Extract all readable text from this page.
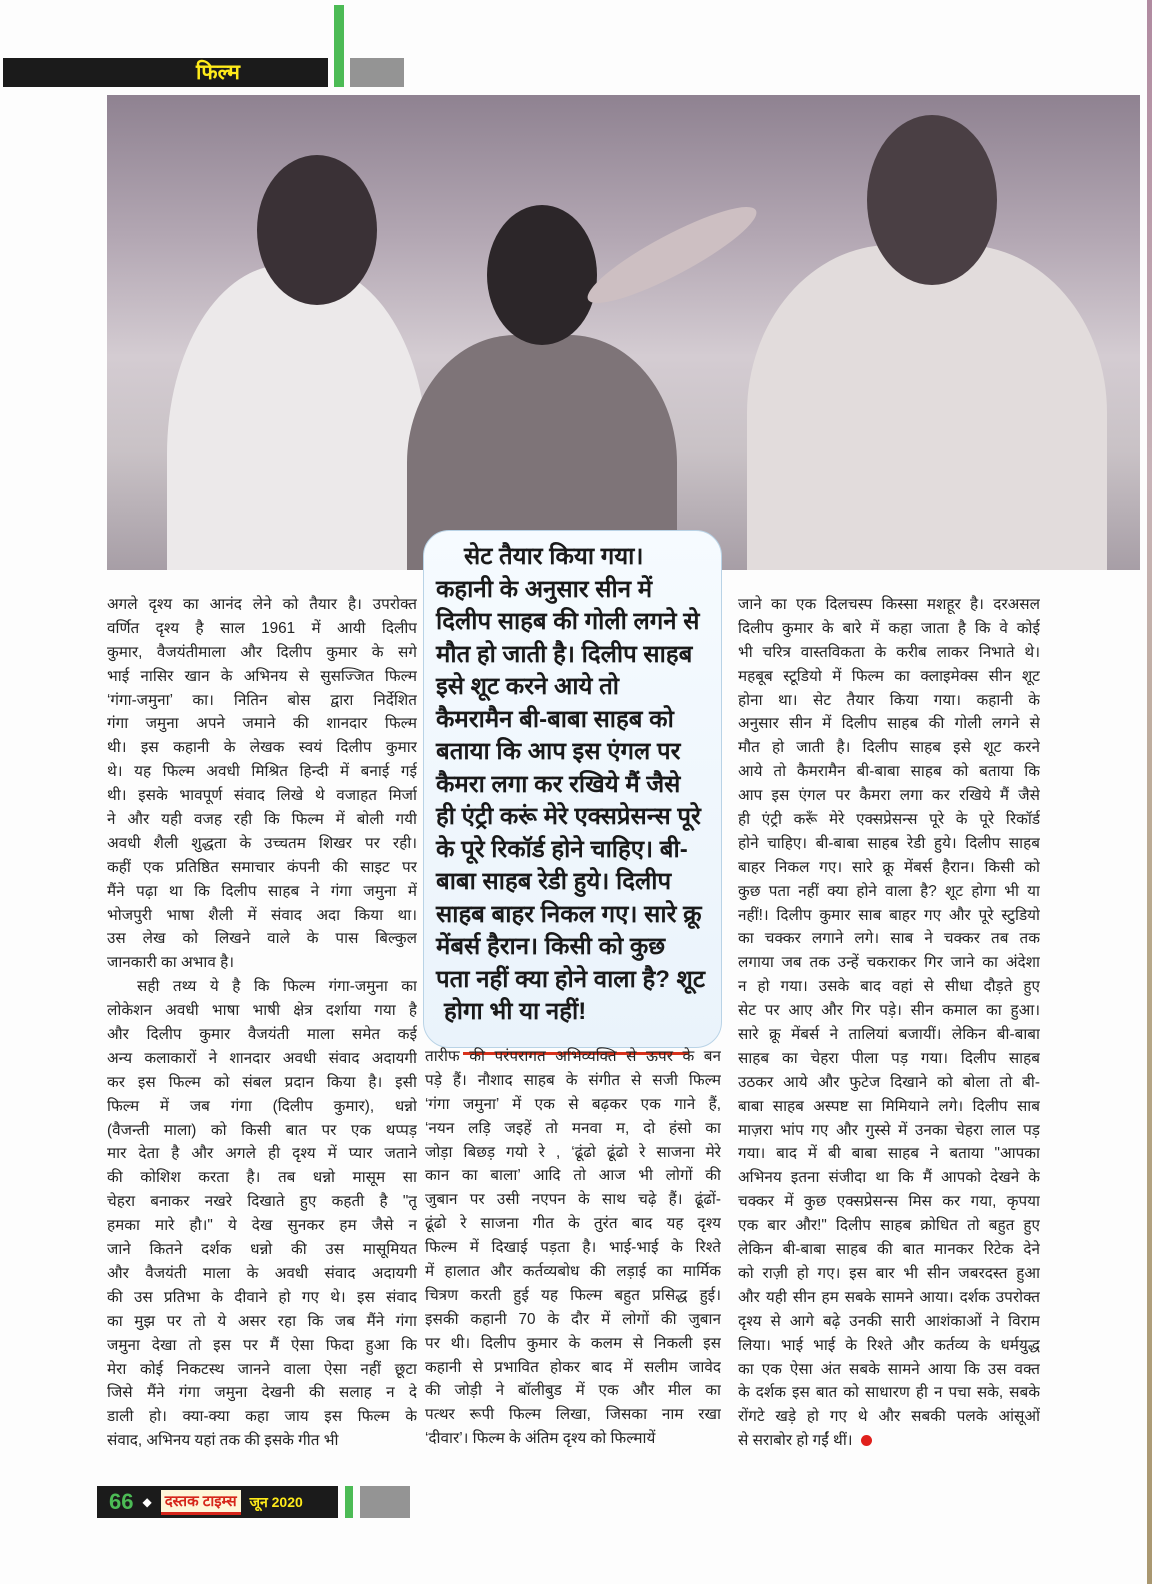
फिल्म
अगले दृश्य का आनंद लेने को तैयार है। उपरोक्त
वर्णित दृश्य है साल 1961 में आयी दिलीप
कुमार, वैजयंतीमाला और दिलीप कुमार के सगे
भाई नासिर खान के अभिनय से सुसज्जित फिल्म
‘गंगा-जमुना’ का। नितिन बोस द्वारा निर्देशित
गंगा जमुना अपने जमाने की शानदार फिल्म
थी। इस कहानी के लेखक स्वयं दिलीप कुमार
थे। यह फिल्म अवधी मिश्रित हिन्दी में बनाई गई
थी। इसके भावपूर्ण संवाद लिखे थे वजाहत मिर्जा
ने और यही वजह रही कि फिल्म में बोली गयी
अवधी शैली शुद्धता के उच्चतम शिखर पर रही।
कहीं एक प्रतिष्ठित समाचार कंपनी की साइट पर
मैंने पढ़ा था कि दिलीप साहब ने गंगा जमुना में
भोजपुरी भाषा शैली में संवाद अदा किया था।
उस लेख को लिखने वाले के पास बिल्कुल
जानकारी का अभाव है।
सही तथ्य ये है कि फिल्म गंगा-जमुना का
लोकेशन अवधी भाषा भाषी क्षेत्र दर्शाया गया है
और दिलीप कुमार वैजयंती माला समेत कई
अन्य कलाकारों ने शानदार अवधी संवाद अदायगी
कर इस फिल्म को संबल प्रदान किया है। इसी
फिल्म में जब गंगा (दिलीप कुमार), धन्नो
(वैजन्ती माला) को किसी बात पर एक थप्पड़
मार देता है और अगले ही दृश्य में प्यार जताने
की कोशिश करता है। तब धन्नो मासूम सा
चेहरा बनाकर नखरे दिखाते हुए कहती है "तू
हमका मारे हौ।" ये देख सुनकर हम जैसे न
जाने कितने दर्शक धन्नो की उस मासूमियत
और वैजयंती माला के अवधी संवाद अदायगी
की उस प्रतिभा के दीवाने हो गए थे। इस संवाद
का मुझ पर तो ये असर रहा कि जब मैंने गंगा
जमुना देखा तो इस पर मैं ऐसा फिदा हुआ कि
मेरा कोई निकटस्थ जानने वाला ऐसा नहीं छूटा
जिसे मैंने गंगा जमुना देखनी की सलाह न दे
डाली हो। क्या-क्या कहा जाय इस फिल्म के
संवाद, अभिनय यहां तक की इसके गीत भी
सेट तैयार किया गया।
कहानी के अनुसार सीन में
दिलीप साहब की गोली लगने से
मौत हो जाती है। दिलीप साहब
इसे शूट करने आये तो
कैमरामैन बी-बाबा साहब को
बताया कि आप इस एंगल पर
कैमरा लगा कर रखिये मैं जैसे
ही एंट्री करूं मेरे एक्सप्रेसन्स पूरे
के पूरे रिकॉर्ड होने चाहिए। बी-
बाबा साहब रेडी हुये। दिलीप
साहब बाहर निकल गए। सारे क्रू
मेंबर्स हैरान। किसी को कुछ
पता नहीं क्या होने वाला है? शूट
होगा भी या नहीं!
तारीफ की परंपरागत अभिव्यक्ति से ऊपर के बन
पड़े हैं। नौशाद साहब के संगीत से सजी फिल्म
‘गंगा जमुना’ में एक से बढ़कर एक गाने हैं,
‘नयन लड़ि जइहें तो मनवा म, दो हंसो का
जोड़ा बिछड़ गयो रे , ‘ढूंढो ढूंढो रे साजना मेरे
कान का बाला’ आदि तो आज भी लोगों की
जुबान पर उसी नएपन के साथ चढ़े हैं। ढूंढों-
ढूंढो रे साजना गीत के तुरंत बाद यह दृश्य
फिल्म में दिखाई पड़ता है। भाई-भाई के रिश्ते
में हालात और कर्तव्यबोध की लड़ाई का मार्मिक
चित्रण करती हुई यह फिल्म बहुत प्रसिद्ध हुई।
इसकी कहानी 70 के दौर में लोगों की जुबान
पर थी। दिलीप कुमार के कलम से निकली इस
कहानी से प्रभावित होकर बाद में सलीम जावेद
की जोड़ी ने बॉलीबुड में एक और मील का
पत्थर रूपी फिल्म लिखा, जिसका नाम रखा
‘दीवार’। फिल्म के अंतिम दृश्य को फिल्मायें
जाने का एक दिलचस्प किस्सा मशहूर है। दरअसल
दिलीप कुमार के बारे में कहा जाता है कि वे कोई
भी चरित्र वास्तविकता के करीब लाकर निभाते थे।
महबूब स्टूडियो में फिल्म का क्लाइमेक्स सीन शूट
होना था। सेट तैयार किया गया। कहानी के
अनुसार सीन में दिलीप साहब की गोली लगने से
मौत हो जाती है। दिलीप साहब इसे शूट करने
आये तो कैमरामैन बी-बाबा साहब को बताया कि
आप इस एंगल पर कैमरा लगा कर रखिये मैं जैसे
ही एंट्री करूँ मेरे एक्सप्रेसन्स पूरे के पूरे रिकॉर्ड
होने चाहिए। बी-बाबा साहब रेडी हुये। दिलीप साहब
बाहर निकल गए। सारे क्रू मेंबर्स हैरान। किसी को
कुछ पता नहीं क्या होने वाला है? शूट होगा भी या
नहीं!। दिलीप कुमार साब बाहर गए और पूरे स्टुडियो
का चक्कर लगाने लगे। साब ने चक्कर तब तक
लगाया जब तक उन्हें चकराकर गिर जाने का अंदेशा
न हो गया। उसके बाद वहां से सीधा दौड़ते हुए
सेट पर आए और गिर पड़े। सीन कमाल का हुआ।
सारे क्रू मेंबर्स ने तालियां बजायीं। लेकिन बी-बाबा
साहब का चेहरा पीला पड़ गया। दिलीप साहब
उठकर आये और फुटेज दिखाने को बोला तो बी-
बाबा साहब अस्पष्ट सा मिमियाने लगे। दिलीप साब
माज़रा भांप गए और गुस्से में उनका चेहरा लाल पड़
गया। बाद में बी बाबा साहब ने बताया "आपका
अभिनय इतना संजीदा था कि मैं आपको देखने के
चक्कर में कुछ एक्सप्रेसन्स मिस कर गया, कृपया
एक बार और!" दिलीप साहब क्रोधित तो बहुत हुए
लेकिन बी-बाबा साहब की बात मानकर रिटेक देने
को राज़ी हो गए। इस बार भी सीन जबरदस्त हुआ
और यही सीन हम सबके सामने आया। दर्शक उपरोक्त
दृश्य से आगे बढ़े उनकी सारी आशंकाओं ने विराम
लिया। भाई भाई के रिश्ते और कर्तव्य के धर्मयुद्ध
का एक ऐसा अंत सबके सामने आया कि उस वक्त
के दर्शक इस बात को साधारण ही न पचा सके, सबके
रोंगटे खड़े हो गए थे और सबकी पलके आंसूओं
से सराबोर हो गईं थीं।
66 ◆ दस्तक टाइम्स जून 2020
